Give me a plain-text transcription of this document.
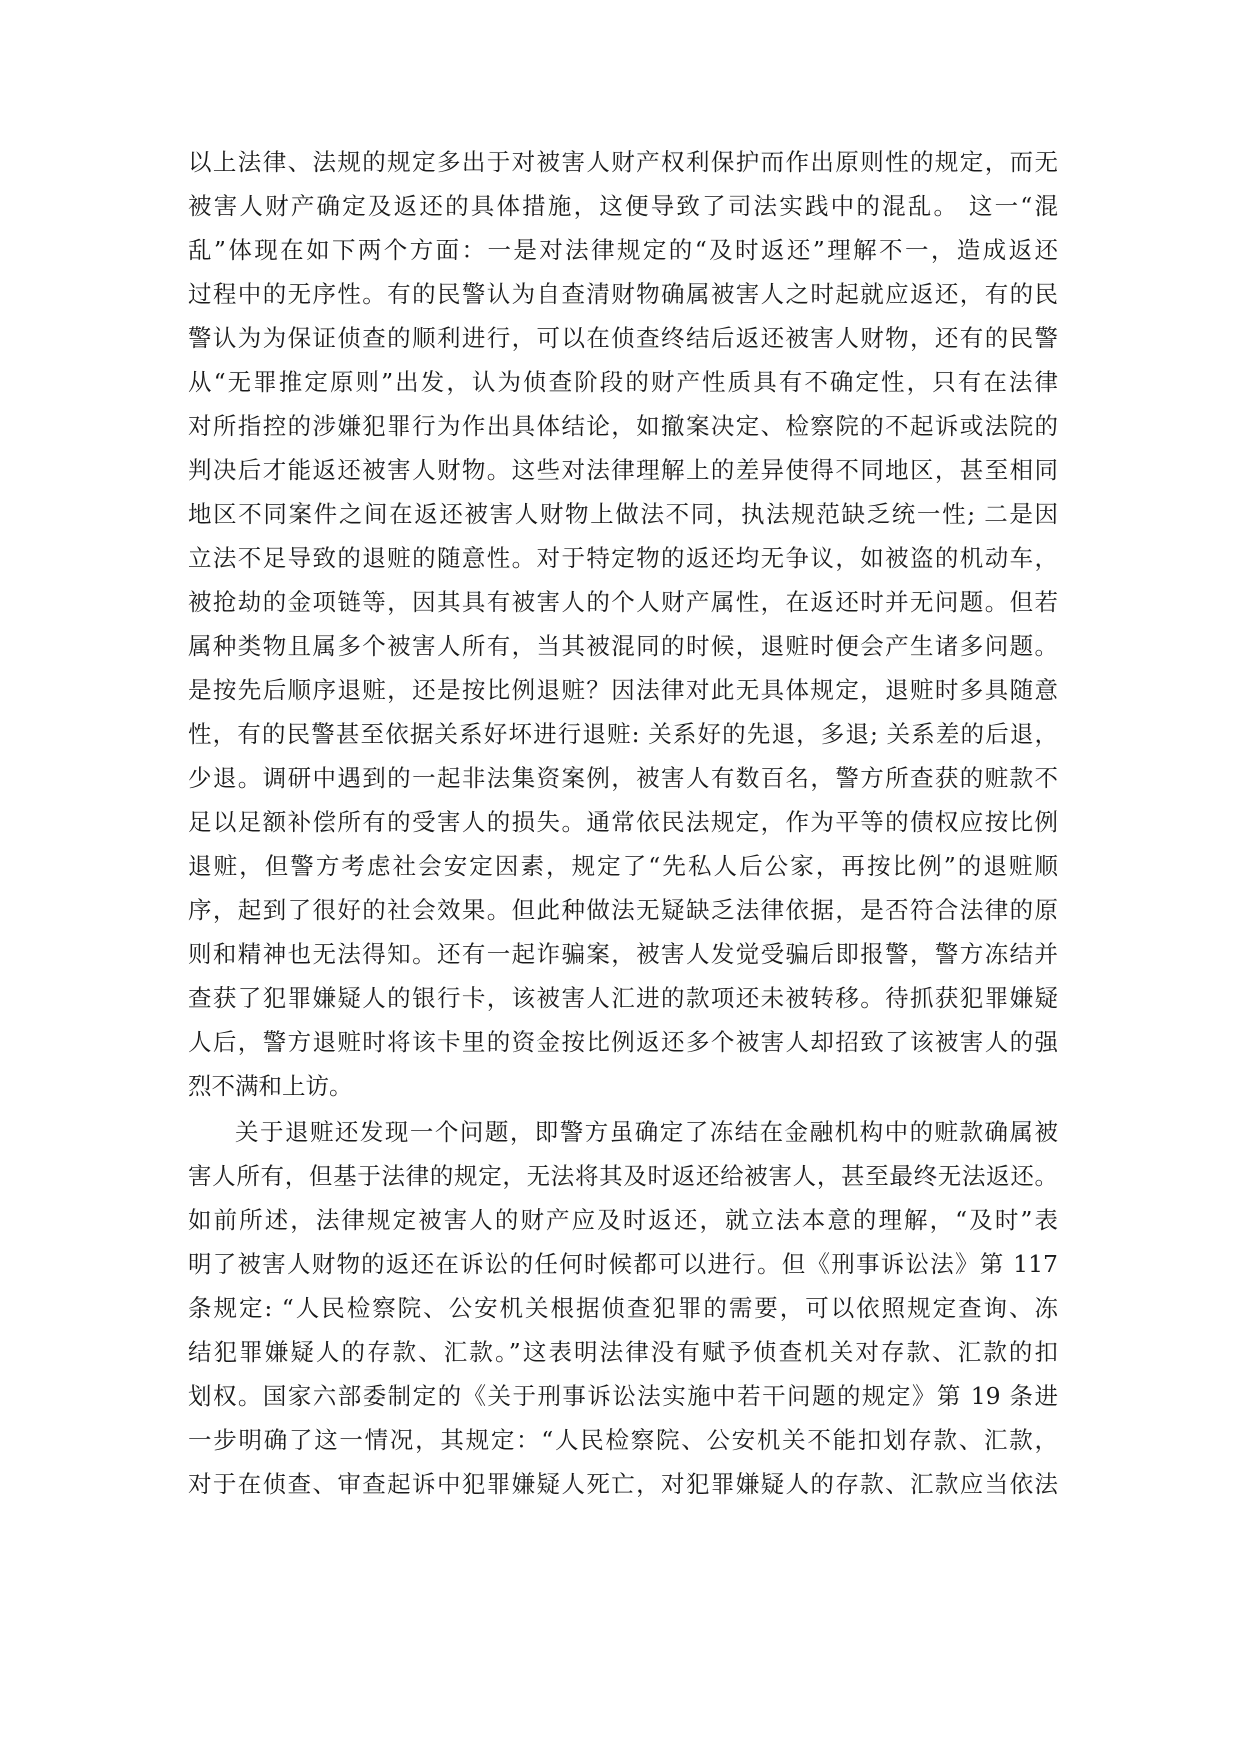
以上法律、法规的规定多出于对被害人财产权利保护而作出原则性的规定，而无
被害人财产确定及返还的具体措施，这便导致了司法实践中的混乱。 这一“混
乱”体现在如下两个方面：一是对法律规定的“及时返还”理解不一，造成返还
过程中的无序性。有的民警认为自查清财物确属被害人之时起就应返还，有的民
警认为为保证侦查的顺利进行，可以在侦查终结后返还被害人财物，还有的民警
从“无罪推定原则”出发，认为侦查阶段的财产性质具有不确定性，只有在法律
对所指控的涉嫌犯罪行为作出具体结论，如撤案决定、检察院的不起诉或法院的
判决后才能返还被害人财物。这些对法律理解上的差异使得不同地区，甚至相同
地区不同案件之间在返还被害人财物上做法不同，执法规范缺乏统一性; 二是因
立法不足导致的退赃的随意性。对于特定物的返还均无争议，如被盗的机动车，
被抢劫的金项链等，因其具有被害人的个人财产属性，在返还时并无问题。但若
属种类物且属多个被害人所有，当其被混同的时候，退赃时便会产生诸多问题。
是按先后顺序退赃，还是按比例退赃？因法律对此无具体规定，退赃时多具随意
性，有的民警甚至依据关系好坏进行退赃: 关系好的先退，多退; 关系差的后退，
少退。调研中遇到的一起非法集资案例，被害人有数百名，警方所查获的赃款不
足以足额补偿所有的受害人的损失。通常依民法规定，作为平等的债权应按比例
退赃，但警方考虑社会安定因素，规定了“先私人后公家，再按比例”的退赃顺
序，起到了很好的社会效果。但此种做法无疑缺乏法律依据，是否符合法律的原
则和精神也无法得知。还有一起诈骗案，被害人发觉受骗后即报警，警方冻结并
查获了犯罪嫌疑人的银行卡，该被害人汇进的款项还未被转移。待抓获犯罪嫌疑
人后，警方退赃时将该卡里的资金按比例返还多个被害人却招致了该被害人的强
烈不满和上访。
关于退赃还发现一个问题，即警方虽确定了冻结在金融机构中的赃款确属被
害人所有，但基于法律的规定，无法将其及时返还给被害人，甚至最终无法返还。
如前所述，法律规定被害人的财产应及时返还，就立法本意的理解，“及时”表
明了被害人财物的返还在诉讼的任何时候都可以进行。但《刑事诉讼法》第 117
条规定: “人民检察院、公安机关根据侦查犯罪的需要，可以依照规定查询、冻
结犯罪嫌疑人的存款、汇款。”这表明法律没有赋予侦查机关对存款、汇款的扣
划权。国家六部委制定的《关于刑事诉讼法实施中若干问题的规定》第 19 条进
一步明确了这一情况，其规定：“人民检察院、公安机关不能扣划存款、汇款，
对于在侦查、审查起诉中犯罪嫌疑人死亡，对犯罪嫌疑人的存款、汇款应当依法
